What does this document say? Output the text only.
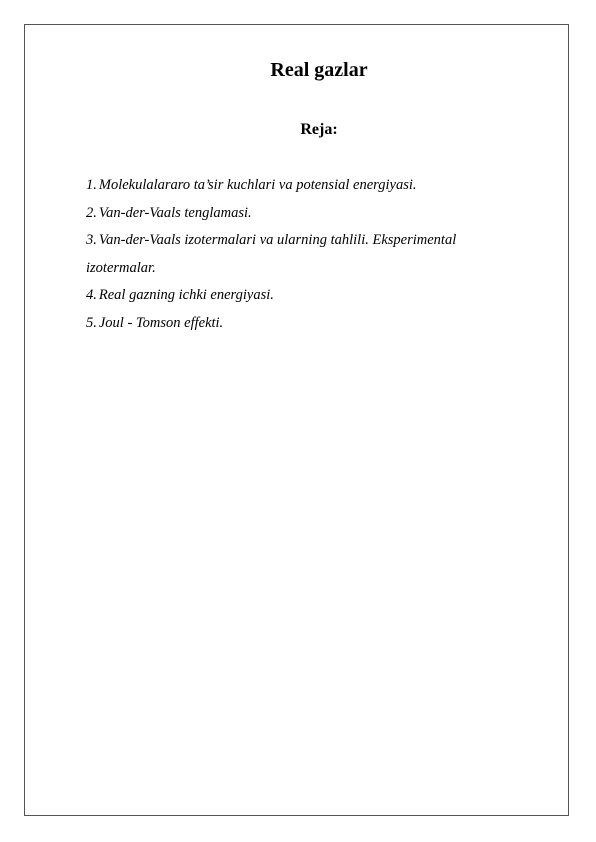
Real gazlar
Reja:
1. Molekulalararo ta’sir kuchlari va potensial energiyasi.
2. Van-der-Vaals tenglamasi.
3. Van-der-Vaals izotermalari va ularning tahlili. Eksperimental izotermalar.
4. Real gazning ichki energiyasi.
5. Joul - Tomson effekti.
